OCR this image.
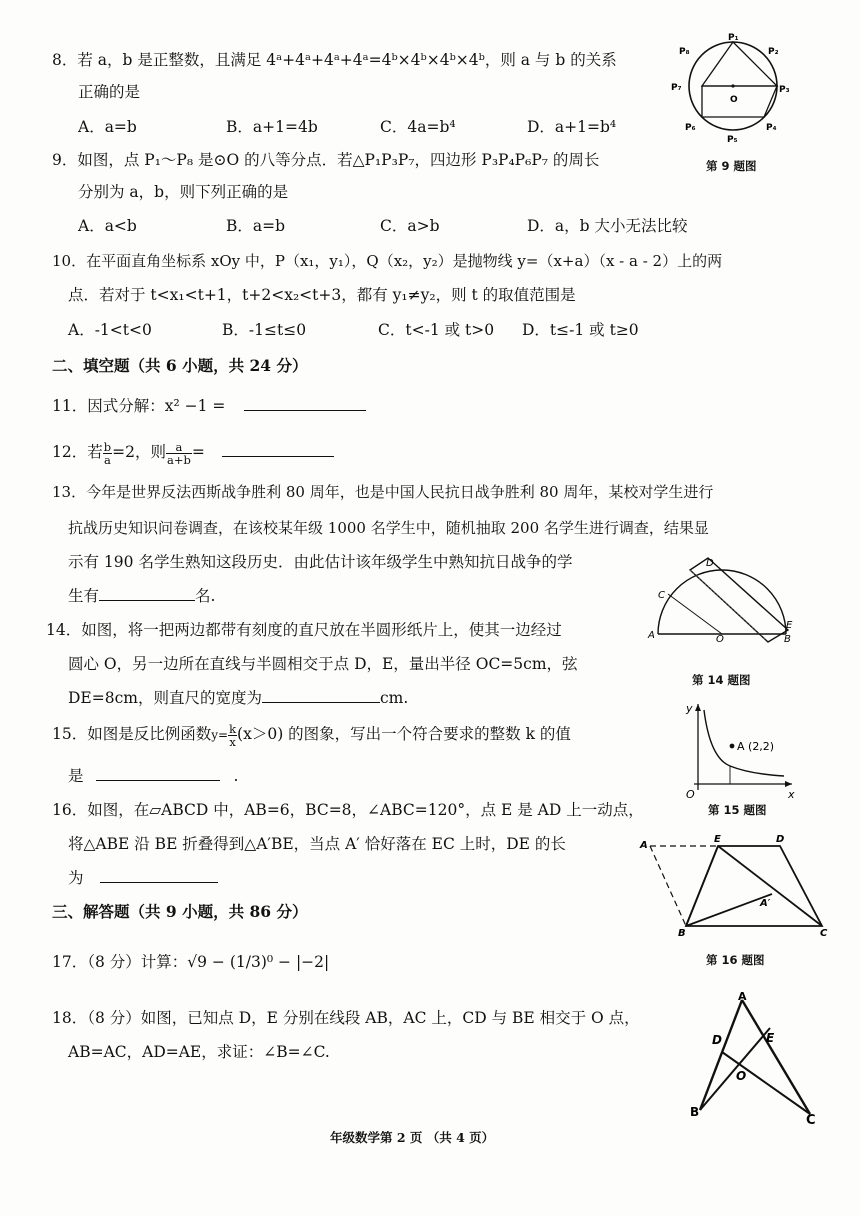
8．若 a，b 是正整数，且满足 4ᵃ+4ᵃ+4ᵃ+4ᵃ=4ᵇ×4ᵇ×4ᵇ×4ᵇ，则 a 与 b 的关系
正确的是
A．a=b	B．a+1=4b	C．4a=b⁴	D．a+1=b⁴
P₁
P₂
P₃
P₄
P₅
P₆
P₇
P₈
O
第 9 题图
9．如图，点 P₁～P₈ 是⊙O 的八等分点．若△P₁P₃P₇，四边形 P₃P₄P₆P₇ 的周长
分别为 a，b，则下列正确的是
A．a<b	B．a=b	C．a>b	D．a，b 大小无法比较
10．在平面直角坐标系 xOy 中，P（x₁，y₁），Q（x₂，y₂）是抛物线 y=（x+a）（x - a - 2）上的两
点．若对于 t<x₁<t+1，t+2<x₂<t+3，都有 y₁≠y₂，则 t 的取值范围是
A．-1<t<0	B．-1≤t≤0	C．t<-1 或 t>0 D．t≤-1 或 t≥0
二、填空题（共 6 小题，共 24 分）
11．因式分解：x² −1 =
12．若 $\frac{b}{a} =2$，则 $\frac{a}{a+b}$ =
13．今年是世界反法西斯战争胜利 80 周年，也是中国人民抗日战争胜利 80 周年，某校对学生进行
抗战历史知识问卷调查，在该校某年级 1000 名学生中，随机抽取 200 名学生进行调查，结果显
示有 190 名学生熟知这段历史．由此估计该年级学生中熟知抗日战争的学
生有	名.
D
C
A	O
E
B
第 14 题图
14．如图，将一把两边都带有刻度的直尺放在半圆形纸片上，使其一边经过
圆心 O，另一边所在直线与半圆相交于点 D，E，量出半径 OC=5cm，弦
DE=8cm，则直尺的宽度为	cm.
A (2,2)
y
x
O
第 15 题图
15．如图是反比例函数$y= \frac{k}{x} (x>0)$ 的图象，写出一个符合要求的整数 k 的值
是	.
16．如图，在▱ABCD 中，AB=6，BC=8，∠ABC=120°，点 E 是 AD 上一动点，
将△ABE 沿 BE 折叠得到△A′BE，当点 A′ 恰好落在 EC 上时，DE 的长
为
A
E	D
A′
B	C
第 16 题图
三、解答题（共 9 小题，共 86 分）
17．（8 分）计算：√9 − (1/3)⁰ − |−2|
18．（8 分）如图，已知点 D，E 分别在线段 AB，AC 上，CD 与 BE 相交于 O 点，
AB=AC，AD=AE，求证：∠B=∠C.
A
D	E
O
B
C
年级数学第 2 页 （共 4 页）
